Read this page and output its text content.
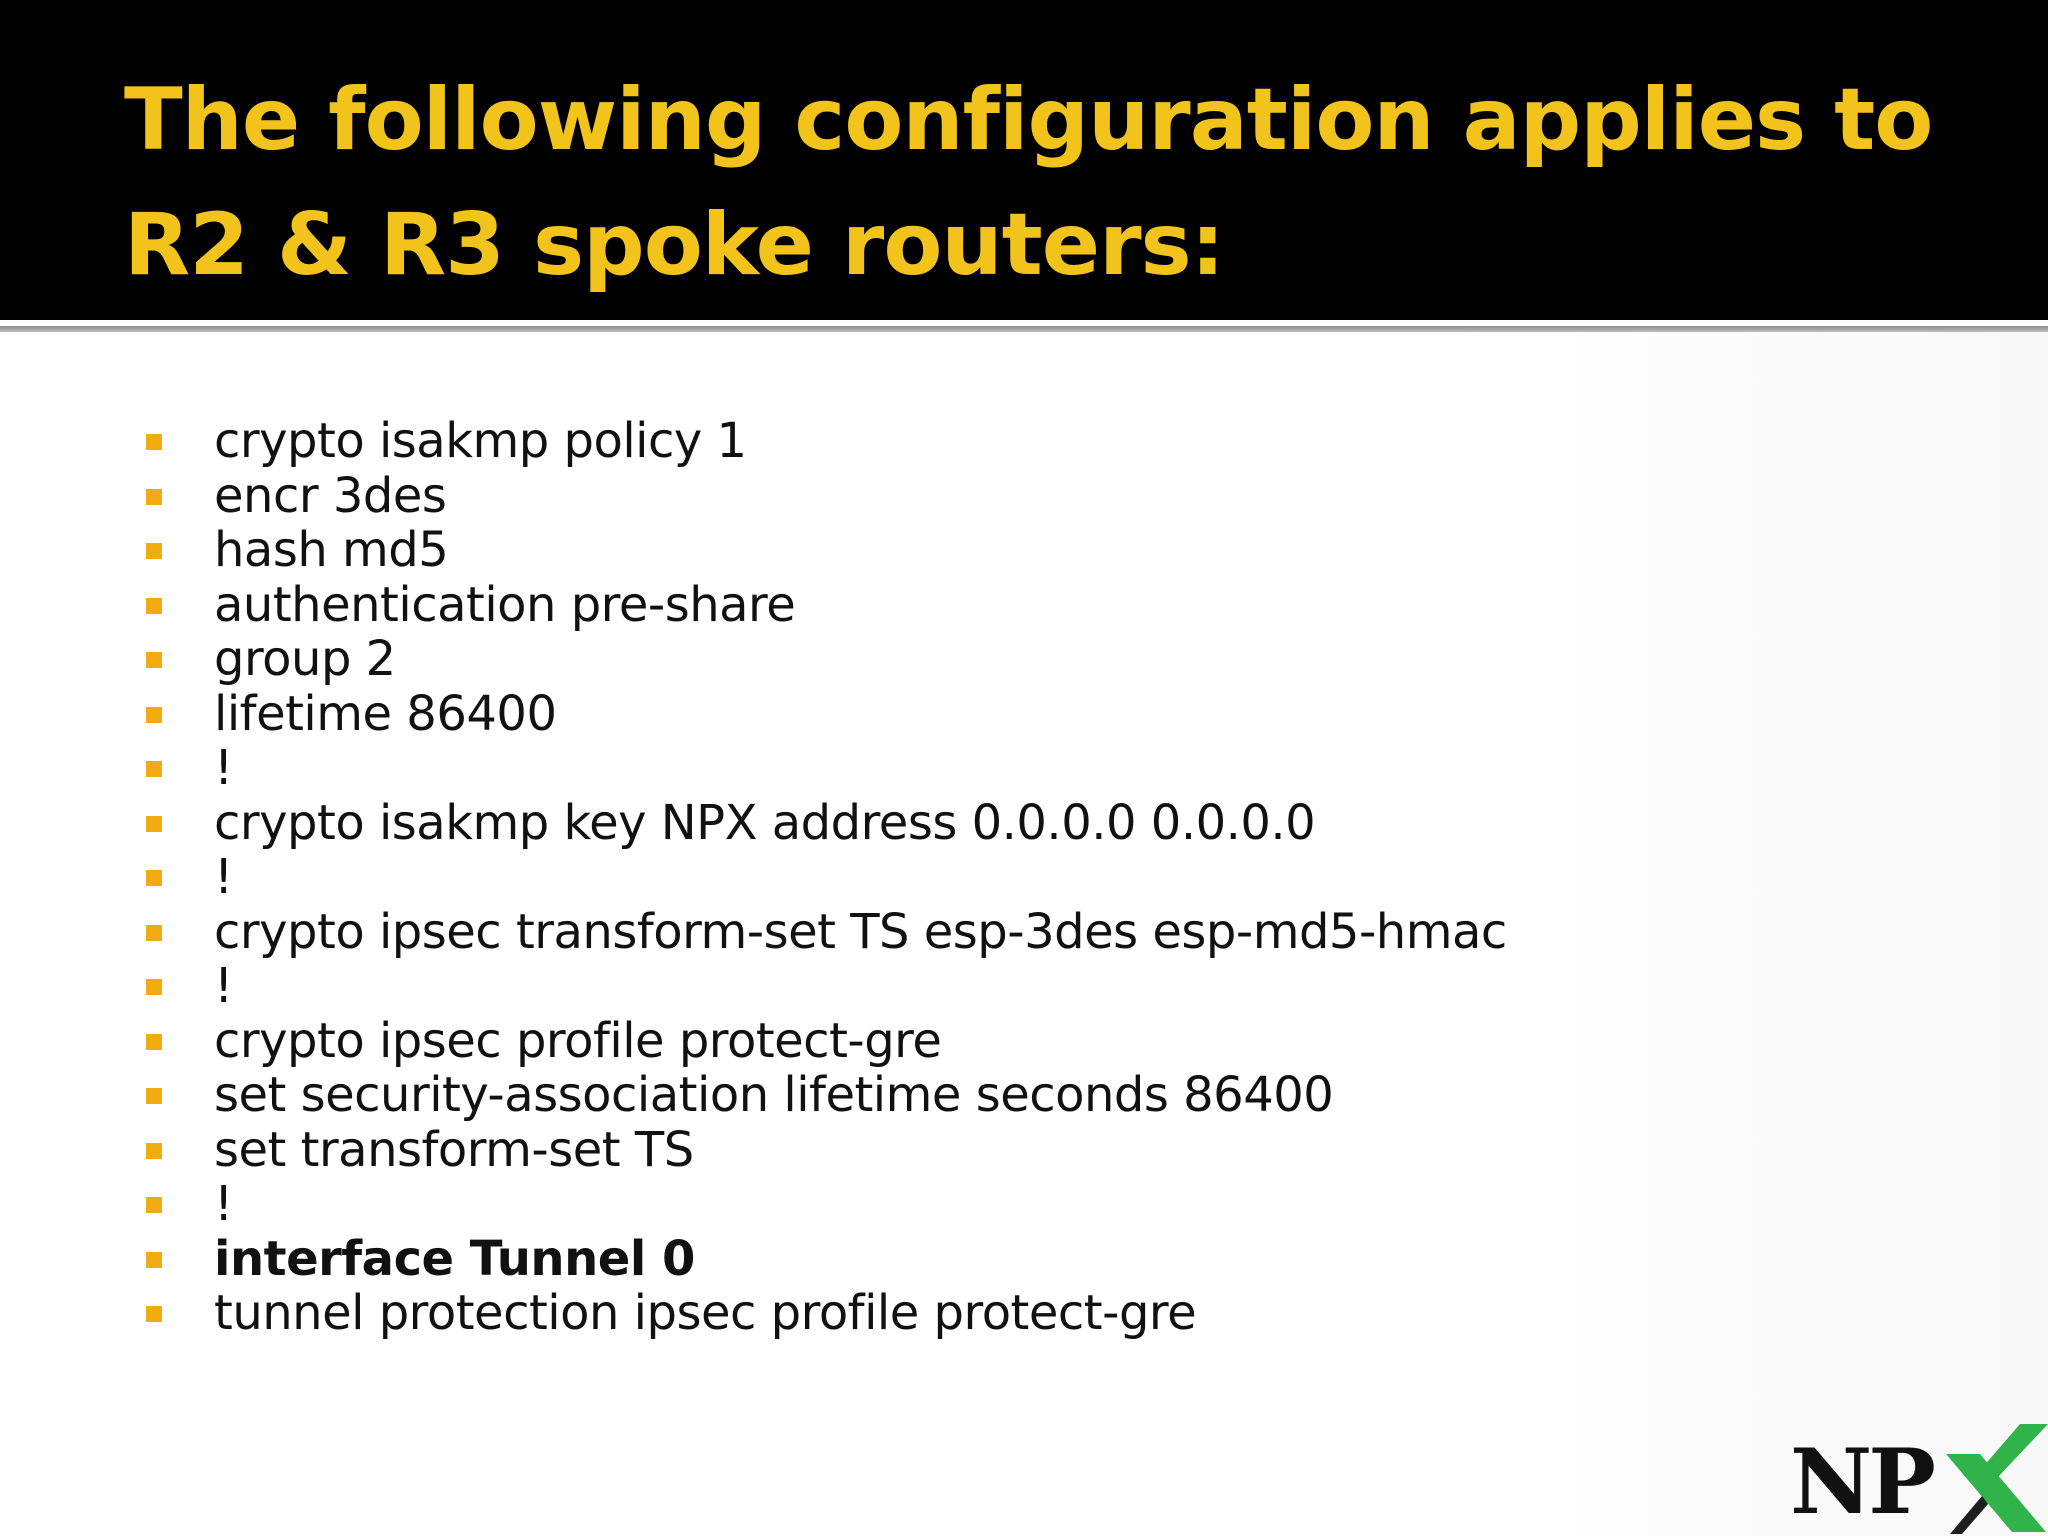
The following configuration applies to R2 & R3 spoke routers:
crypto isakmp policy 1
encr 3des
hash md5
authentication pre-share
group 2
lifetime 86400
!
crypto isakmp key NPX address 0.0.0.0 0.0.0.0
!
crypto ipsec transform-set TS esp-3des esp-md5-hmac
!
crypto ipsec profile protect-gre
set security-association lifetime seconds 86400
set transform-set TS
!
interface Tunnel 0
tunnel protection ipsec profile protect-gre
NP
